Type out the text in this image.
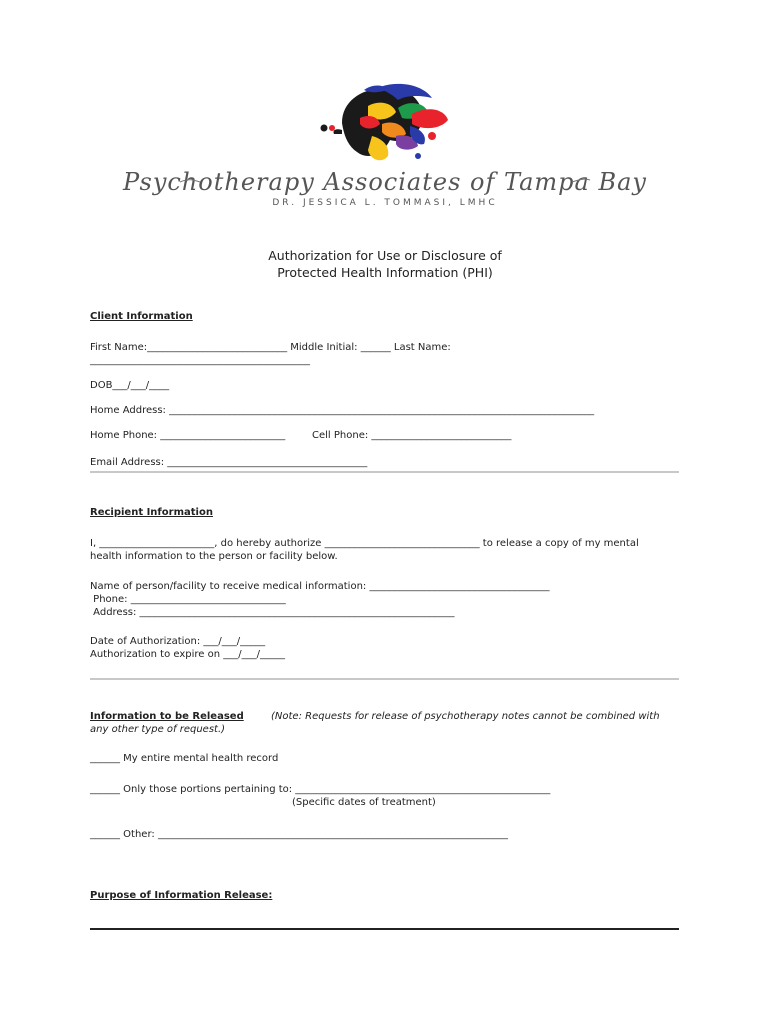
Psychotherapy Associates of Tampa Bay
DR. JESSICA L. TOMMASI, LMHC
Authorization for Use or Disclosure of
Protected Health Information (PHI)
Client Information
First Name:____________________________ Middle Initial: ______ Last Name:
____________________________________________
DOB___/___/____
Home Address: _____________________________________________________________________________________
Home Phone: _________________________	Cell Phone: ____________________________
Email Address: ________________________________________
Recipient Information
I, _______________________, do hereby authorize _______________________________ to release a copy of my mental
health information to the person or facility below.
Name of person/facility to receive medical information: ____________________________________
Phone: _______________________________
Address: _______________________________________________________________
Date of Authorization: ___/___/_____
Authorization to expire on ___/___/_____
Information to be Released	(Note: Requests for release of psychotherapy notes cannot be combined with
any other type of request.)
______ My entire mental health record
______ Only those portions pertaining to: ___________________________________________________
(Specific dates of treatment)
______ Other: ______________________________________________________________________
Purpose of Information Release:
